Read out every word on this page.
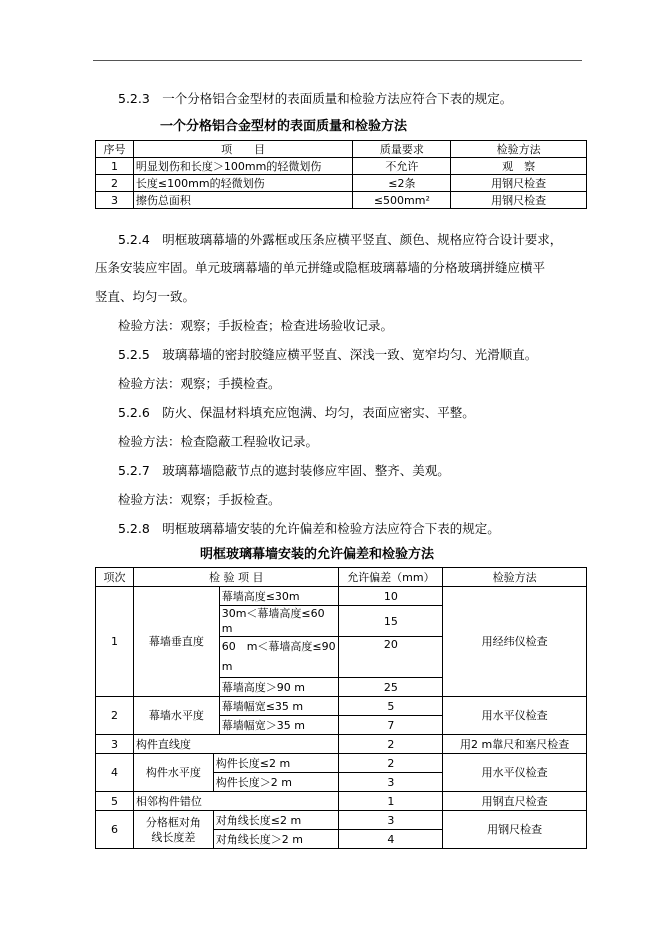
5.2.3　一个分格铝合金型材的表面质量和检验方法应符合下表的规定。
一个分格铝合金型材的表面质量和检验方法
序号	项　　目	质量要求	检验方法
1	明显划伤和长度＞100mm的轻微划伤	不允许	观　察
2	长度≤100mm的轻微划伤	≤2条	用钢尺检查
3	擦伤总面积	≤500mm²	用钢尺检查
5.2.4　明框玻璃幕墙的外露框或压条应横平竖直、颜色、规格应符合设计要求，
压条安装应牢固。单元玻璃幕墙的单元拼缝或隐框玻璃幕墙的分格玻璃拼缝应横平
竖直、均匀一致。
检验方法：观察；手扳检查；检查进场验收记录。
5.2.5　玻璃幕墙的密封胶缝应横平竖直、深浅一致、宽窄均匀、光滑顺直。
检验方法：观察；手摸检查。
5.2.6　防火、保温材料填充应饱满、均匀，表面应密实、平整。
检验方法：检查隐蔽工程验收记录。
5.2.7　玻璃幕墙隐蔽节点的遮封装修应牢固、整齐、美观。
检验方法：观察；手扳检查。
5.2.8　明框玻璃幕墙安装的允许偏差和检验方法应符合下表的规定。
明框玻璃幕墙安装的允许偏差和检验方法
项次	检 验 项 目			允许偏差（mm）	检验方法
1	幕墙垂直度		幕墙高度≤30m	10	用经纬仪检查
			30m＜幕墙高度≤60 m	15	
			60　m＜幕墙高度≤90　m	20	
			幕墙高度＞90 m	25	
2	幕墙水平度		幕墙幅宽≤35 m	5	用水平仪检查
			幕墙幅宽＞35 m	7	
3	构件直线度			2	用2 m靠尺和塞尺检查
4	构件水平度	构件长度≤2 m		2	用水平仪检查
		构件长度＞2 m		3	
5	相邻构件错位			1	用钢直尺检查
6	分格框对角
线长度差	对角线长度≤2 m		3	用钢尺检查
		对角线长度＞2 m		4	
